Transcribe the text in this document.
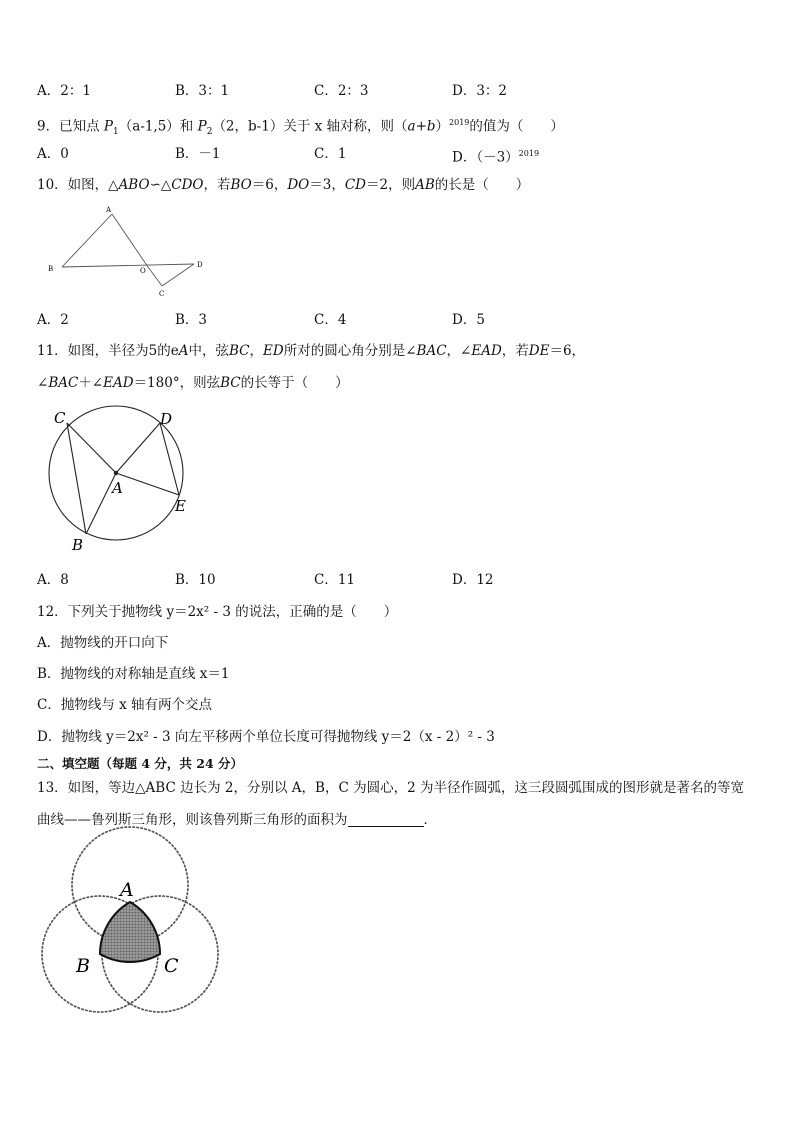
A．2：1	B．3：1	C．2：3	D．3：2
9．已知点 $P_1(a-1,5)$和 $P_2(2$，b-1）关于 x 轴对称，则$(a+b)^{2019}$的值为（　　）
A．0	B．－1	C．1	D．$(-3)^{2019}$
10．如图，△ABO∽△CDO，若BO＝6，DO＝3，CD＝2，则AB的长是（　　）
A
B	O
C
D
A．2	B．3	C．4	D．5
11．如图，半径为5的eA中，弦BC，ED所对的圆心角分别是∠BAC，∠EAD，若DE＝6，
∠BAC＋∠EAD＝180°，则弦BC的长等于（　　）
C	D
A
E
B
A．8	B．10	C．11	D．12
12．下列关于抛物线 y＝2x² - 3 的说法，正确的是（　　）
A．抛物线的开口向下
B．抛物线的对称轴是直线 x＝1
C．抛物线与 x 轴有两个交点
D．抛物线 y＝2x² - 3 向左平移两个单位长度可得抛物线 y＝2（x - 2）² - 3
二、填空题（每题 4 分，共 24 分）
13．如图，等边△ABC 边长为 2，分别以 A，B，C 为圆心，2 为半径作圆弧，这三段圆弧围成的图形就是著名的等宽
曲线——鲁列斯三角形，则该鲁列斯三角形的面积为	．
A
B	C
